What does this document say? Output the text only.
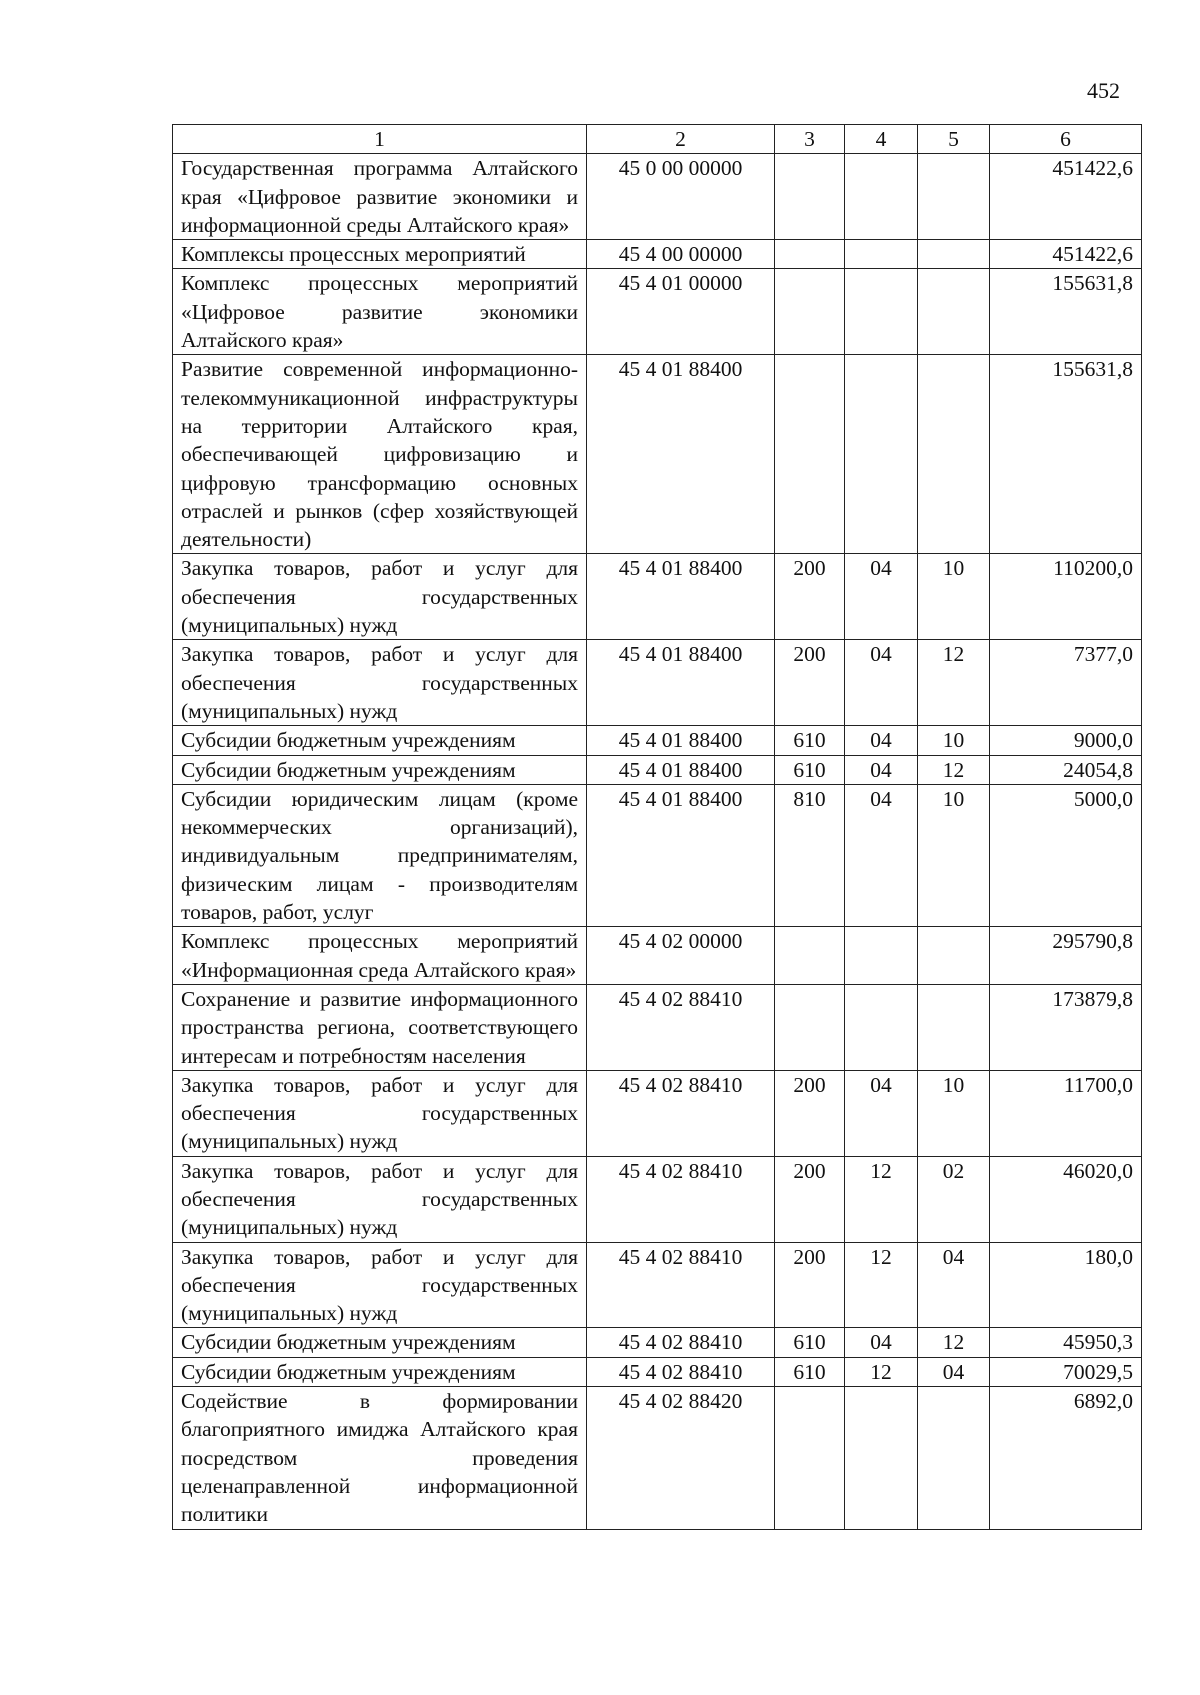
452
1	2	3	4	5	6
Государственная программа Алтайского края «Цифровое развитие экономики и информационной среды Алтайского края»	45 0 00 00000				451422,6
Комплексы процессных мероприятий	45 4 00 00000				451422,6
Комплекс процессных мероприятий «Цифровое развитие экономики Алтайского края»	45 4 01 00000				155631,8
Развитие современной информационно-телекоммуникационной инфраструктуры на территории Алтайского края, обеспечивающей цифровизацию и цифровую трансформацию основных отраслей и рынков (сфер хозяйствующей деятельности)	45 4 01 88400				155631,8
Закупка товаров, работ и услуг для обеспечения государственных (муниципальных) нужд	45 4 01 88400	200	04	10	110200,0
Закупка товаров, работ и услуг для обеспечения государственных (муниципальных) нужд	45 4 01 88400	200	04	12	7377,0
Субсидии бюджетным учреждениям	45 4 01 88400	610	04	10	9000,0
Субсидии бюджетным учреждениям	45 4 01 88400	610	04	12	24054,8
Субсидии юридическим лицам (кроме некоммерческих организаций), индивидуальным предпринимателям, физическим лицам - производителям товаров, работ, услуг	45 4 01 88400	810	04	10	5000,0
Комплекс процессных мероприятий «Информационная среда Алтайского края»	45 4 02 00000				295790,8
Сохранение и развитие информационного пространства региона, соответствующего интересам и потребностям населения	45 4 02 88410				173879,8
Закупка товаров, работ и услуг для обеспечения государственных (муниципальных) нужд	45 4 02 88410	200	04	10	11700,0
Закупка товаров, работ и услуг для обеспечения государственных (муниципальных) нужд	45 4 02 88410	200	12	02	46020,0
Закупка товаров, работ и услуг для обеспечения государственных (муниципальных) нужд	45 4 02 88410	200	12	04	180,0
Субсидии бюджетным учреждениям	45 4 02 88410	610	04	12	45950,3
Субсидии бюджетным учреждениям	45 4 02 88410	610	12	04	70029,5
Содействие в формировании благоприятного имиджа Алтайского края посредством проведения целенаправленной информационной политики	45 4 02 88420				6892,0
